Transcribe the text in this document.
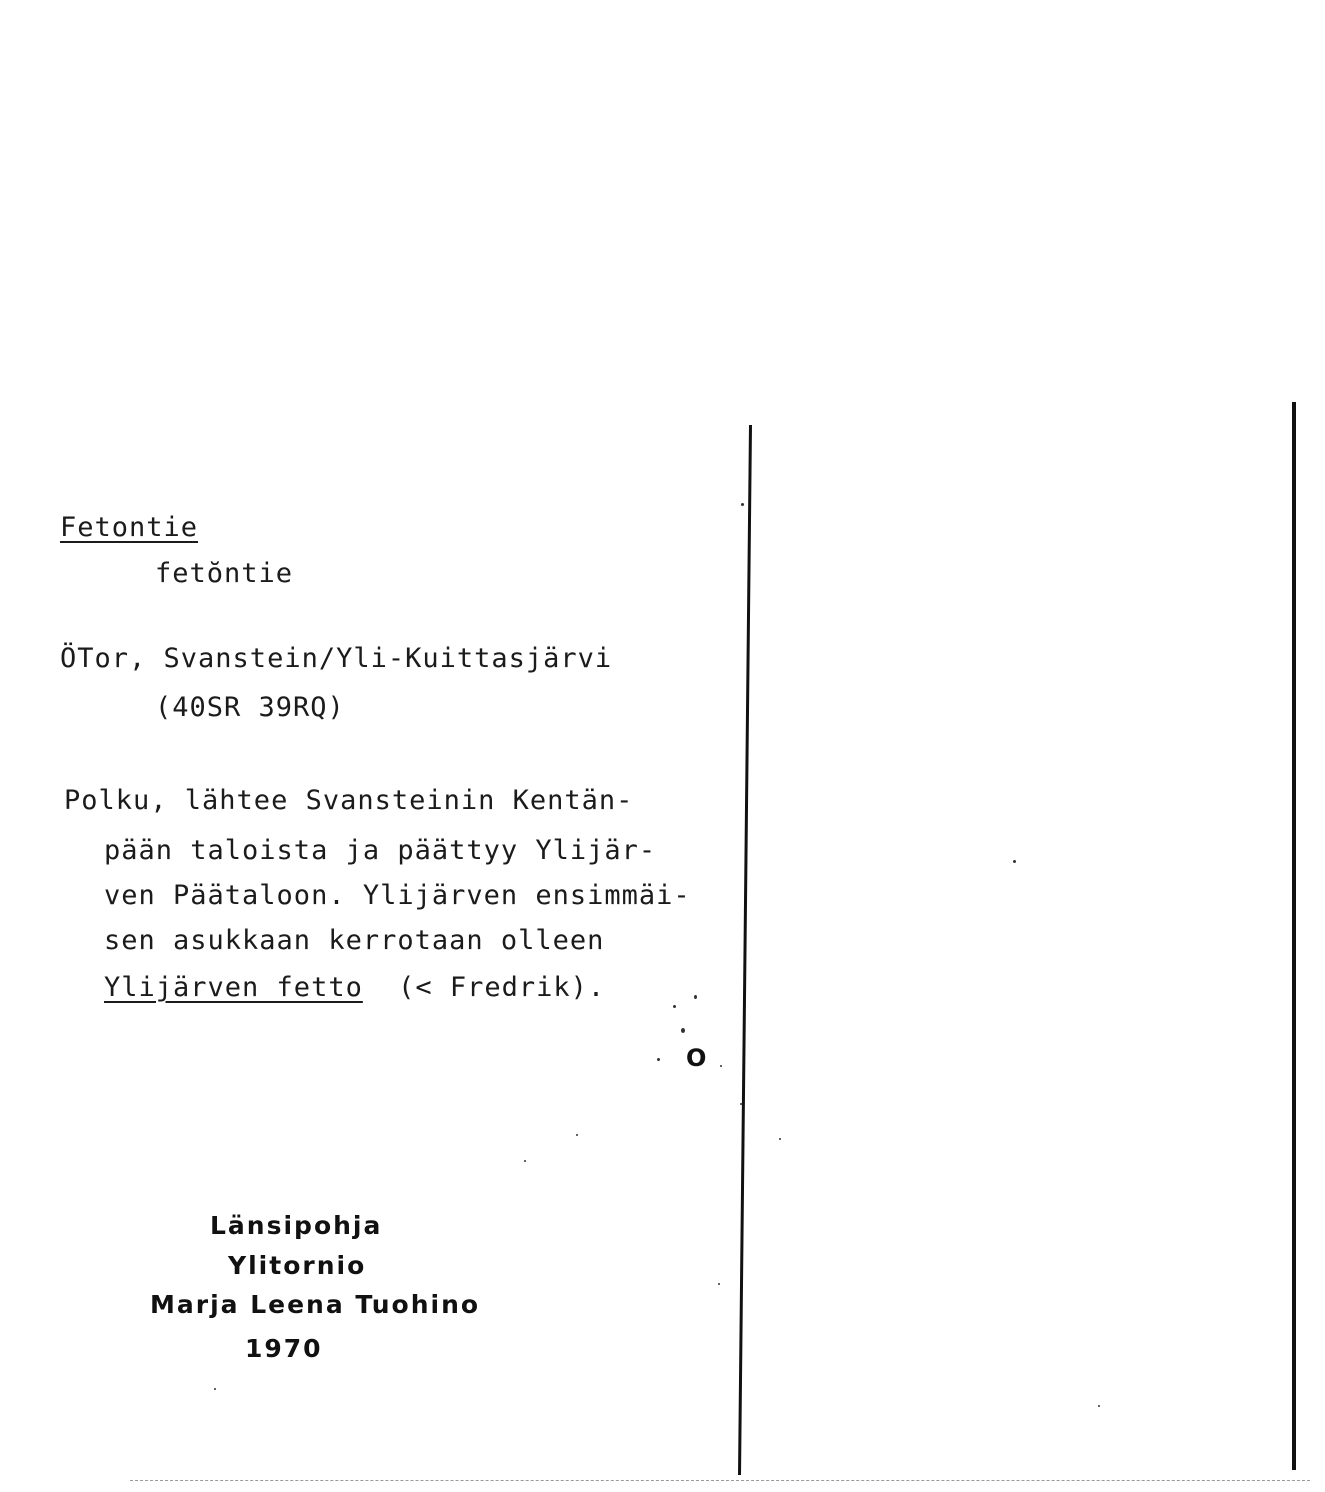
Fetontie
fetŏntie
ÖTor, Svanstein/Yli-Kuittasjärvi
(40SR 39RQ)
Polku, lähtee Svansteinin Kentän-
pään taloista ja päättyy Ylijär-
ven Päätaloon. Ylijärven ensimmäi-
sen asukkaan kerrotaan olleen
Ylijärven fetto (< Fredrik).
O
Länsipohja
Ylitornio
Marja Leena Tuohino
1970
